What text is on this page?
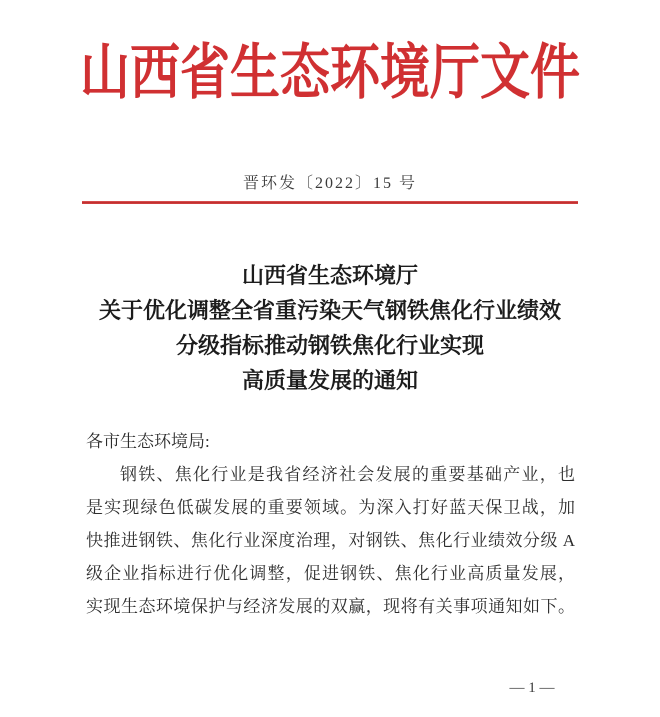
山西省生态环境厅文件
晋环发〔2022〕15 号
山西省生态环境厅
关于优化调整全省重污染天气钢铁焦化行业绩效
分级指标推动钢铁焦化行业实现
高质量发展的通知
各市生态环境局:
钢铁、焦化行业是我省经济社会发展的重要基础产业，也
是实现绿色低碳发展的重要领域。为深入打好蓝天保卫战，加
快推进钢铁、焦化行业深度治理，对钢铁、焦化行业绩效分级 A
级企业指标进行优化调整，促进钢铁、焦化行业高质量发展，
实现生态环境保护与经济发展的双赢，现将有关事项通知如下。
— 1 —
